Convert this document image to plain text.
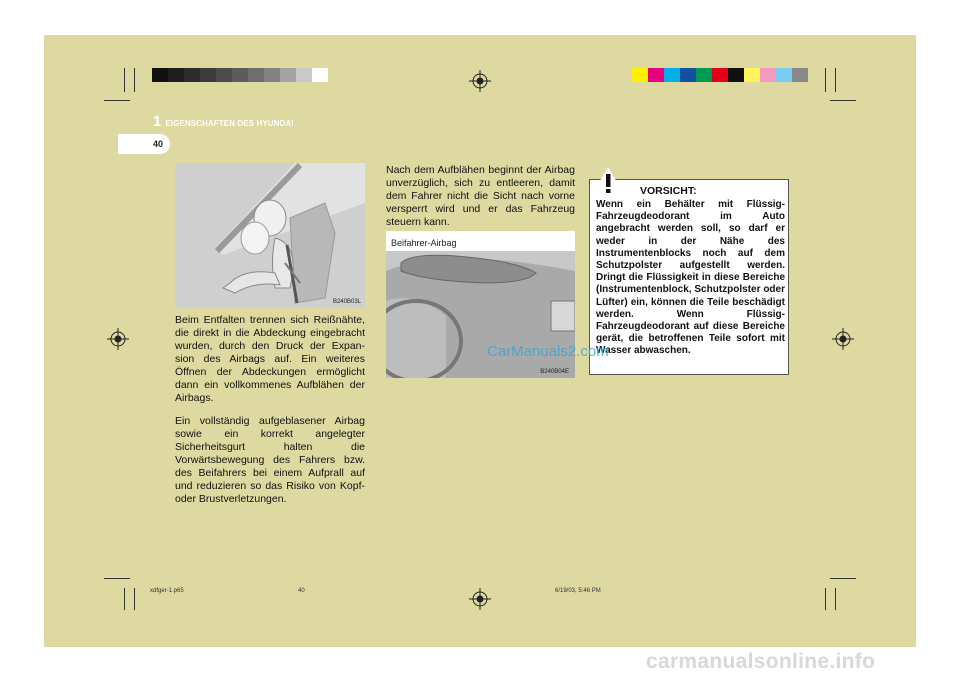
1 EIGENSCHAFTEN DES HYUNDAI
40
B240B03L

Beim Entfalten trennen sich Reißnähte, die direkt in die Abdeckung eingebracht wurden, durch den Druck der Expan-sion des Airbags auf. Ein weiteres Öffnen der Abdeckungen ermöglicht dann ein vollkommenes Aufblähen der Airbags.

Ein vollständig aufgeblasener Airbag sowie ein korrekt angelegter Sicherheitsgurt halten die Vorwärtsbewegung des Fahrers bzw. des Beifahrers bei einem Aufprall auf und reduzieren so das Risiko von Kopf- oder Brustverletzungen.

Nach dem Aufblähen beginnt der Airbag unverzüglich, sich zu entleeren, damit dem Fahrer nicht die Sicht nach vorne versperrt wird und er das Fahrzeug steuern kann.

Beifahrer-Airbag
B240B04E
VORSICHT:
Wenn ein Behälter mit Flüssig-Fahrzeugdeodorant im Auto angebracht werden soll, so darf er weder in der Nähe des Instrumentenblocks noch auf dem Schutzpolster aufgestellt werden. Dringt die Flüssigkeit in diese Bereiche (Instrumentenblock, Schutzpolster oder Lüfter) ein, können die Teile beschädigt werden. Wenn Flüssig-Fahrzeugdeodorant auf diese Bereiche gerät, die betroffenen Teile sofort mit Wasser abwaschen.
CarManuals2.com
xdfger-1.p65	40	6/19/03, 5:46 PM
carmanualsonline.info
